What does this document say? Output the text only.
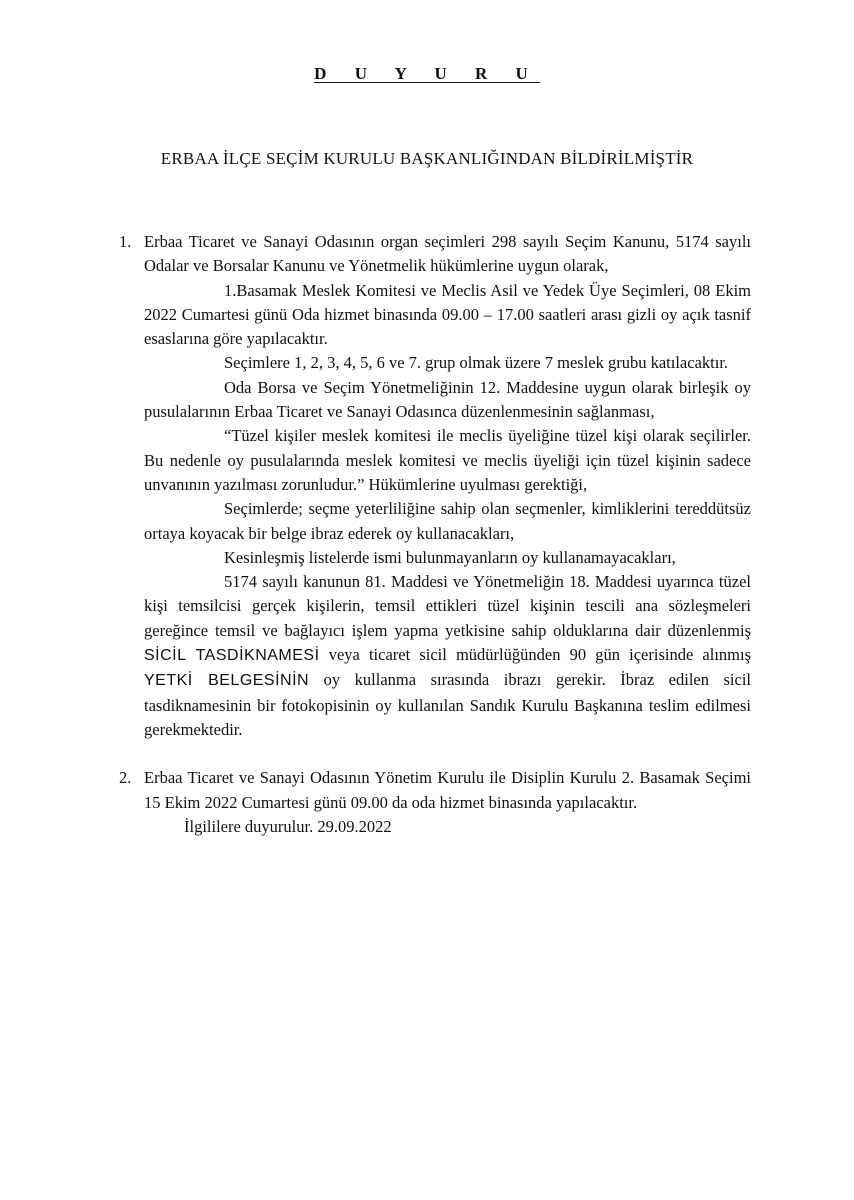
D U Y U R U
ERBAA İLÇE SEÇİM KURULU BAŞKANLIĞINDAN BİLDİRİLMİŞTİR
1. Erbaa Ticaret ve Sanayi Odasının organ seçimleri 298 sayılı Seçim Kanunu, 5174 sayılı Odalar ve Borsalar Kanunu ve Yönetmelik hükümlerine uygun olarak,

1.Basamak Meslek Komitesi ve Meclis Asil ve Yedek Üye Seçimleri, 08 Ekim 2022 Cumartesi günü Oda hizmet binasında 09.00 – 17.00 saatleri arası gizli oy açık tasnif esaslarına göre yapılacaktır.

Seçimlere 1, 2, 3, 4, 5, 6 ve 7. grup olmak üzere 7 meslek grubu katılacaktır.

Oda Borsa ve Seçim Yönetmeliğinin 12. Maddesine uygun olarak birleşik oy pusulalarının Erbaa Ticaret ve Sanayi Odasınca düzenlenmesinin sağlanması,

“Tüzel kişiler meslek komitesi ile meclis üyeliğine tüzel kişi olarak seçilirler. Bu nedenle oy pusulalarında meslek komitesi ve meclis üyeliği için tüzel kişinin sadece unvanının yazılması zorunludur.” Hükümlerine uyulması gerektiği,

Seçimlerde; seçme yeterliliğine sahip olan seçmenler, kimliklerini tereddütsüz ortaya koyacak bir belge ibraz ederek oy kullanacakları,

Kesinleşmiş listelerde ismi bulunmayanların oy kullanamayacakları,

5174 sayılı kanunun 81. Maddesi ve Yönetmeliğin 18. Maddesi uyarınca tüzel kişi temsilcisi gerçek kişilerin, temsil ettikleri tüzel kişinin tescili ana sözleşmeleri gereğince temsil ve bağlayıcı işlem yapma yetkisine sahip olduklarına dair düzenlenmiş SİCİL TASDİKNAMESİ veya ticaret sicil müdürlüğünden 90 gün içerisinde alınmış YETKİ BELGESİNİN oy kullanma sırasında ibrazı gerekir. İbraz edilen sicil tasdiknamesinin bir fotokopisinin oy kullanılan Sandık Kurulu Başkanına teslim edilmesi gerekmektedir.

2. Erbaa Ticaret ve Sanayi Odasının Yönetim Kurulu ile Disiplin Kurulu 2. Basamak Seçimi 15 Ekim 2022 Cumartesi günü 09.00 da oda hizmet binasında yapılacaktır.

İlgililere duyurulur. 29.09.2022
